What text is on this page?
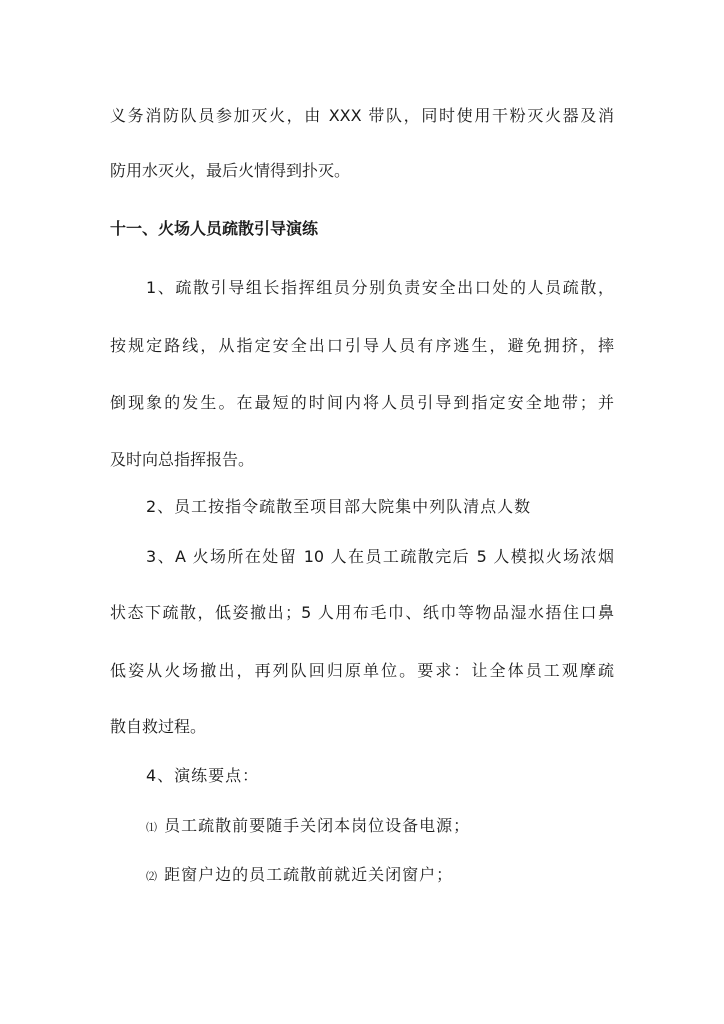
义务消防队员参加灭火，由 XXX 带队，同时使用干粉灭火器及消
防用水灭火，最后火情得到扑灭。
十一、火场人员疏散引导演练
1、疏散引导组长指挥组员分别负责安全出口处的人员疏散，
按规定路线，从指定安全出口引导人员有序逃生，避免拥挤，摔
倒现象的发生。在最短的时间内将人员引导到指定安全地带；并
及时向总指挥报告。
2、员工按指令疏散至项目部大院集中列队清点人数
3、A 火场所在处留 10 人在员工疏散完后 5 人模拟火场浓烟
状态下疏散，低姿撤出；5 人用布毛巾、纸巾等物品湿水捂住口鼻
低姿从火场撤出，再列队回归原单位。要求：让全体员工观摩疏
散自救过程。
4、演练要点：
⑴ 员工疏散前要随手关闭本岗位设备电源；
⑵ 距窗户边的员工疏散前就近关闭窗户；
